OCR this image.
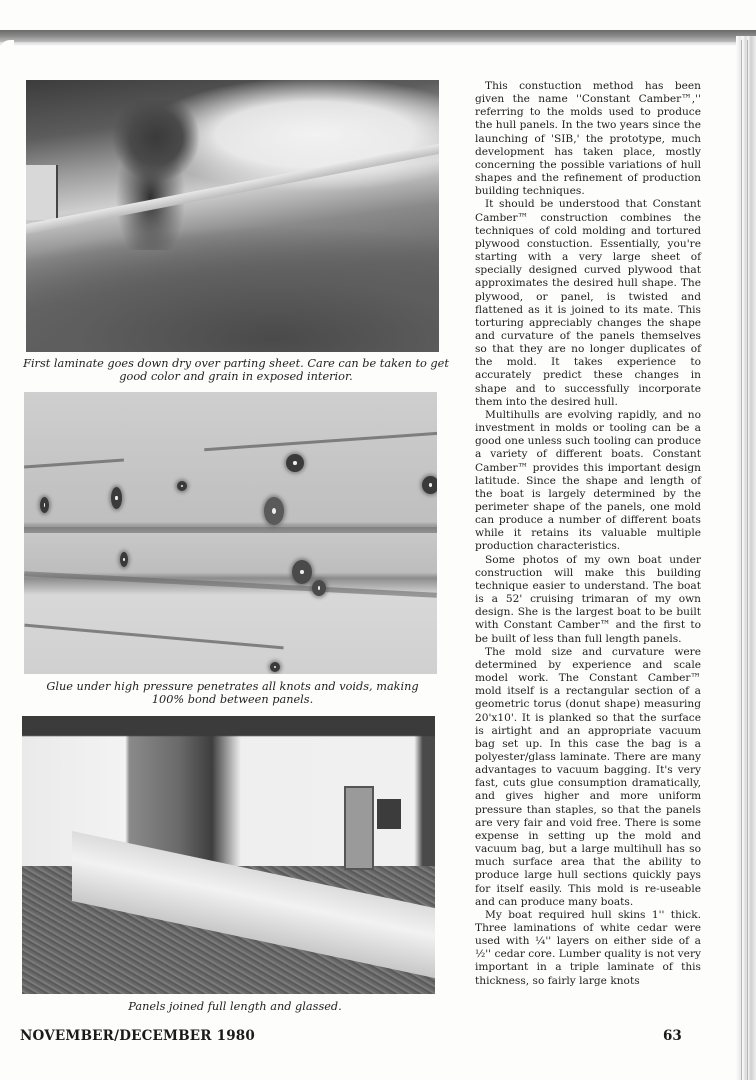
First laminate goes down dry over parting sheet. Care can be taken to get good color and grain in exposed interior.
Glue under high pressure penetrates all knots and voids, making 100% bond between panels.
Panels joined full length and glassed.

This constuction method has been given the name ''Constant Camber™,'' referring to the molds used to produce the hull panels. In the two years since the launching of 'SIB,' the prototype, much development has taken place, mostly concerning the possible variations of hull shapes and the refinement of production building techniques.

It should be understood that Constant Camber™ construction combines the techniques of cold molding and tortured plywood constuction. Essentially, you're starting with a very large sheet of specially designed curved plywood that approximates the desired hull shape. The plywood, or panel, is twisted and flattened as it is joined to its mate. This torturing appreciably changes the shape and curvature of the panels themselves so that they are no longer duplicates of the mold. It takes experience to accurately predict these changes in shape and to successfully incorporate them into the desired hull.

Multihulls are evolving rapidly, and no investment in molds or tooling can be a good one unless such tooling can produce a variety of different boats. Constant Camber™ provides this important design latitude. Since the shape and length of the boat is largely determined by the perimeter shape of the panels, one mold can produce a number of different boats while it retains its valuable multiple production characteristics.

Some photos of my own boat under construction will make this building technique easier to understand. The boat is a 52' cruising trimaran of my own design. She is the largest boat to be built with Constant Camber™ and the first to be built of less than full length panels.

The mold size and curvature were determined by experience and scale model work. The Constant Camber™ mold itself is a rectangular section of a geometric torus (donut shape) measuring 20'x10'. It is planked so that the surface is airtight and an appropriate vacuum bag set up. In this case the bag is a polyester/glass laminate. There are many advantages to vacuum bagging. It's very fast, cuts glue consumption dramatically, and gives higher and more uniform pressure than staples, so that the panels are very fair and void free. There is some expense in setting up the mold and vacuum bag, but a large multihull has so much surface area that the ability to produce large hull sections quickly pays for itself easily. This mold is re-useable and can produce many boats.

My boat required hull skins 1'' thick. Three laminations of white cedar were used with ¼'' layers on either side of a ½'' cedar core. Lumber quality is not very important in a triple laminate of this thickness, so fairly large knots

NOVEMBER/DECEMBER 1980	63
